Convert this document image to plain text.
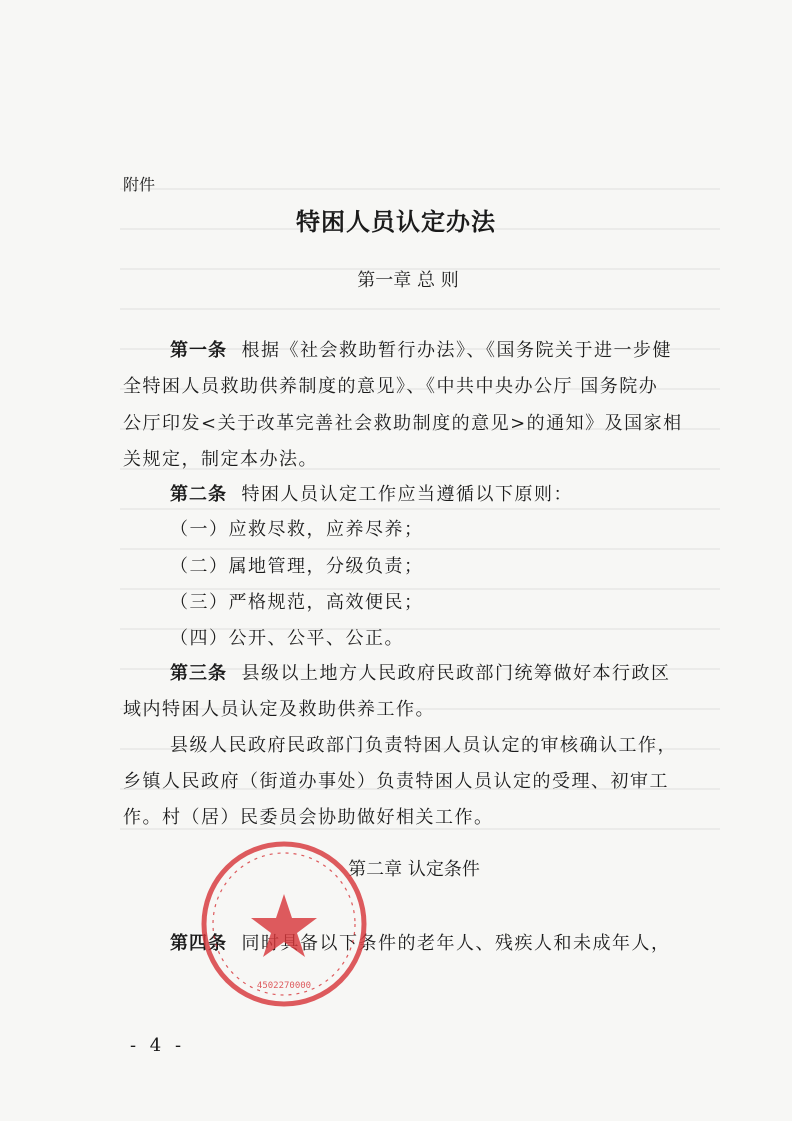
附件
特困人员认定办法
第一章 总 则
第一条 根据《社会救助暂行办法》、《国务院关于进一步健
全特困人员救助供养制度的意见》、《中共中央办公厅 国务院办
公厅印发<关于改革完善社会救助制度的意见>的通知》及国家相
关规定，制定本办法。
第二条 特困人员认定工作应当遵循以下原则：
（一）应救尽救，应养尽养；
（二）属地管理，分级负责；
（三）严格规范，高效便民；
（四）公开、公平、公正。
第三条 县级以上地方人民政府民政部门统筹做好本行政区
域内特困人员认定及救助供养工作。
县级人民政府民政部门负责特困人员认定的审核确认工作，
乡镇人民政府（街道办事处）负责特困人员认定的受理、初审工
作。村（居）民委员会协助做好相关工作。
第二章 认定条件
第四条 同时具备以下条件的老年人、残疾人和未成年人，
4502270000
- 4 -
